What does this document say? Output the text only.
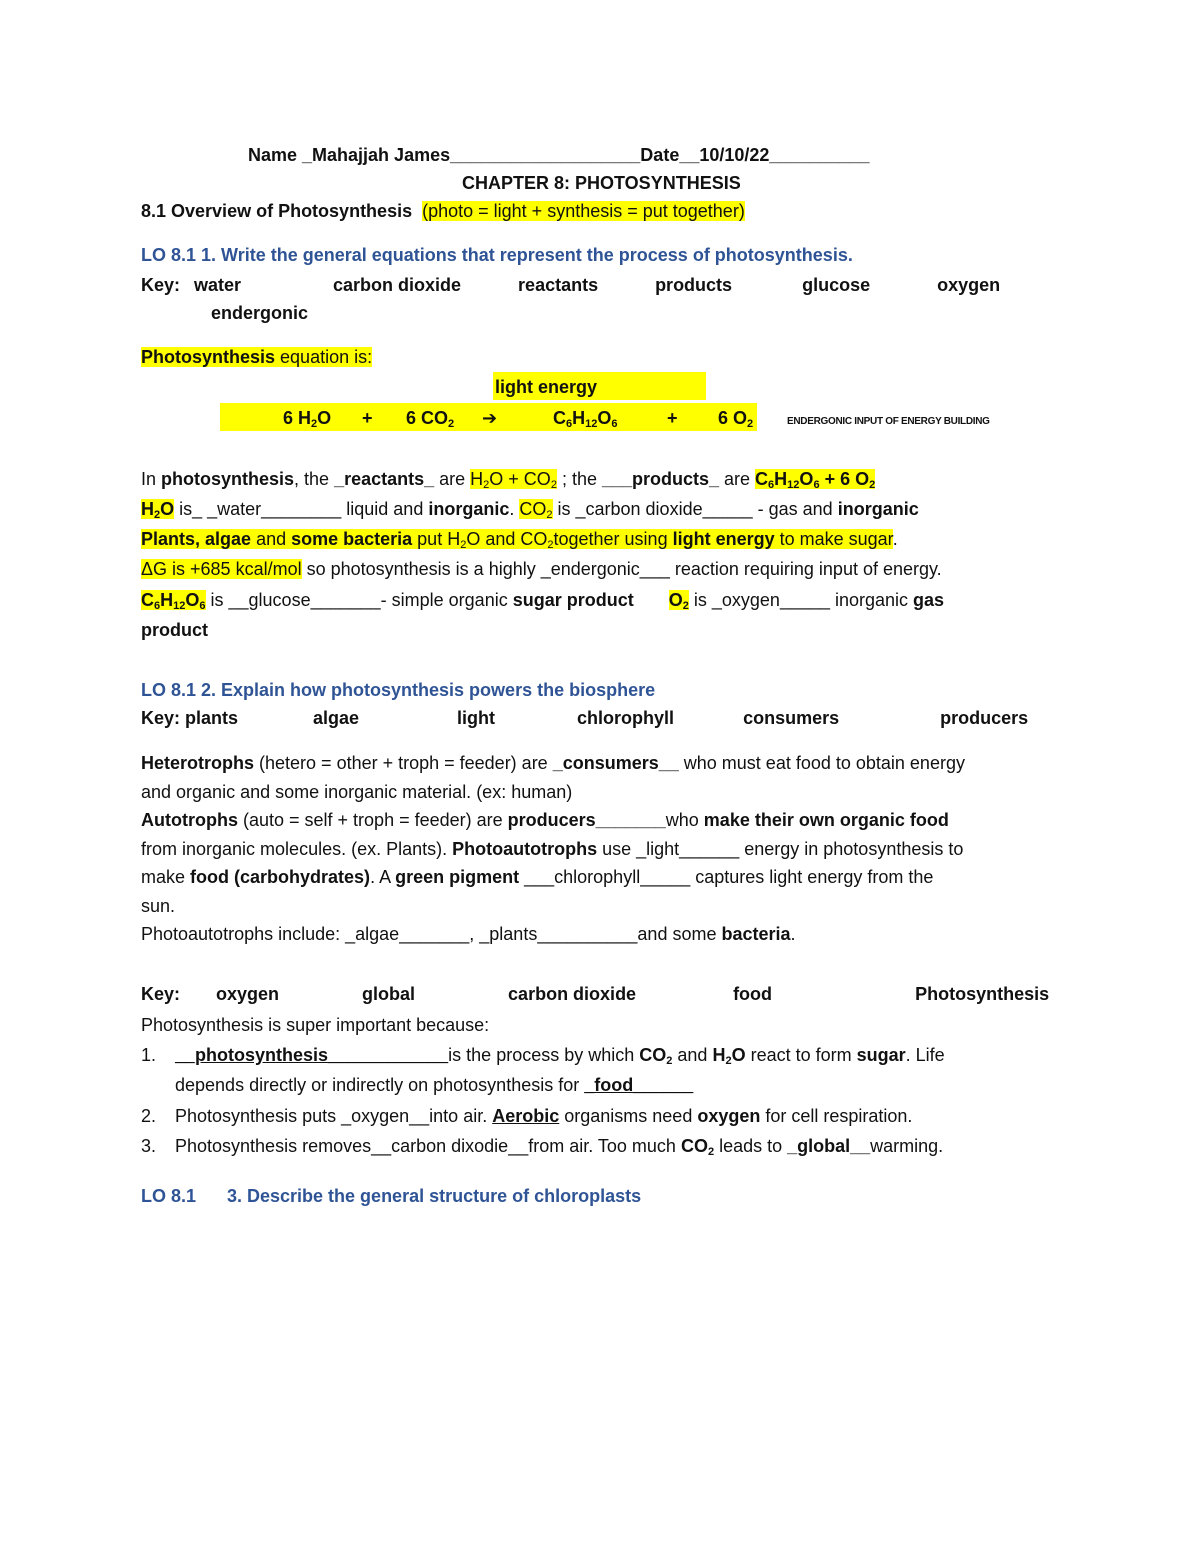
Name _Mahajjah James___________________Date__10/10/22__________
CHAPTER 8: PHOTOSYNTHESIS
8.1 Overview of Photosynthesis (photo = light + synthesis = put together)
LO 8.1 1. Write the general equations that represent the process of photosynthesis.
Key: water	carbon dioxide	reactants	products	glucose	oxygen
endergonic
Photosynthesis equation is:
light energy
6 $H_2O + 6$ $CO_2$ ➔	$C_6H_{12}O_6$	+ 6 $O_2$	ENDERGONIC INPUT OF ENERGY BUILDING
In photosynthesis, the _reactants_ are $H_2O + CO_2$ ; the ___products_ are $C_6H_{12}O_6 + 6$ $O_2$
$H_2O$ is_ _water________ liquid and inorganic. $CO_2$ is _carbon dioxide_____ - gas and inorganic
Plants, algae and some bacteria put $H_2O$ and $CO_2together$ using light energy to make sugar.
ΔG is +685 kcal/mol so photosynthesis is a highly _endergonic___ reaction requiring input of energy.
$C_6H_{12}O_6$ is __glucose_______- simple organic sugar product $O_2$ is _oxygen_____ inorganic gas
product
LO 8.1 2. Explain how photosynthesis powers the biosphere
Key: plants	algae	light	chlorophyll	consumers	producers
Heterotrophs (hetero = other + troph = feeder) are _consumers__ who must eat food to obtain energy
and organic and some inorganic material. (ex: human)
Autotrophs (auto = self + troph = feeder) are producers_______who make their own organic food
from inorganic molecules. (ex. Plants). Photoautotrophs use _light______ energy in photosynthesis to
make food (carbohydrates). A green pigment ___chlorophyll_____ captures light energy from the
sun.
Photoautotrophs include: _algae_______, _plants__________and some bacteria.
Key: oxygen	global	carbon dioxide	food	Photosynthesis
Photosynthesis is super important because:
1. __photosynthesis____________is the process by which $CO_2$ and $H_2O$ react to form sugar. Life
depends directly or indirectly on photosynthesis for _food______
2. Photosynthesis puts _oxygen__into air. Aerobic organisms need oxygen for cell respiration.
3. Photosynthesis removes__carbon dixodie__from air. Too much $CO_2$ leads to _global__warming.
LO 8.1 3. Describe the general structure of chloroplasts
